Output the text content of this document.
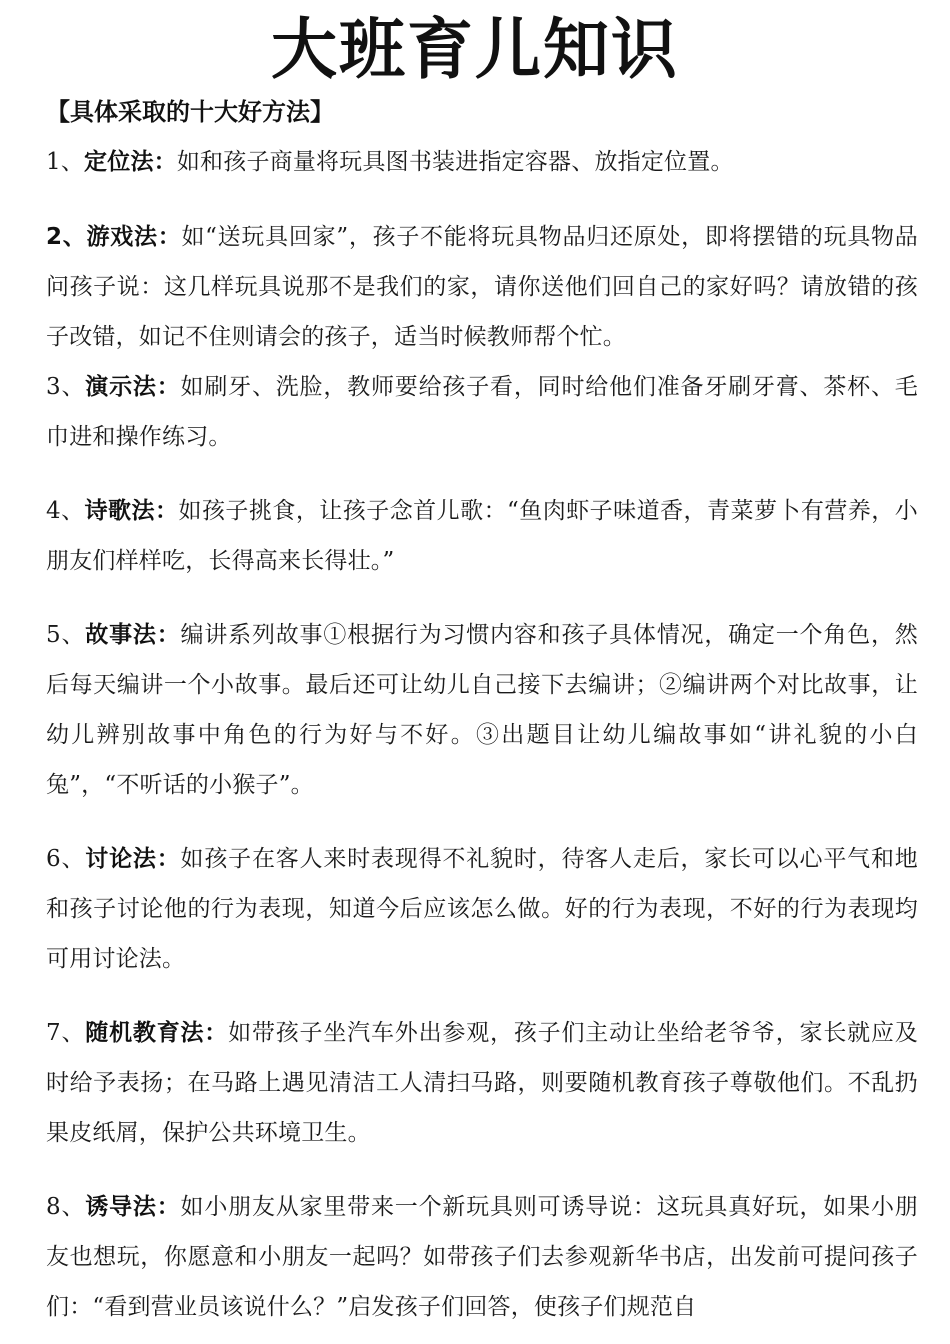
大班育儿知识

【具体采取的十大好方法】

1、定位法：如和孩子商量将玩具图书装进指定容器、放指定位置。

2、游戏法：如“送玩具回家”，孩子不能将玩具物品归还原处，即将摆错的玩具物品问孩子说：这几样玩具说那不是我们的家，请你送他们回自己的家好吗？请放错的孩子改错，如记不住则请会的孩子，适当时候教师帮个忙。

3、演示法：如刷牙、洗脸，教师要给孩子看，同时给他们准备牙刷牙膏、茶杯、毛巾进和操作练习。

4、诗歌法：如孩子挑食，让孩子念首儿歌：“鱼肉虾子味道香，青菜萝卜有营养，小朋友们样样吃，长得高来长得壮。”

5、故事法：编讲系列故事①根据行为习惯内容和孩子具体情况，确定一个角色，然后每天编讲一个小故事。最后还可让幼儿自己接下去编讲；②编讲两个对比故事，让幼儿辨别故事中角色的行为好与不好。③出题目让幼儿编故事如“讲礼貌的小白兔”，“不听话的小猴子”。

6、讨论法：如孩子在客人来时表现得不礼貌时，待客人走后，家长可以心平气和地和孩子讨论他的行为表现，知道今后应该怎么做。好的行为表现，不好的行为表现均可用讨论法。

7、随机教育法：如带孩子坐汽车外出参观，孩子们主动让坐给老爷爷，家长就应及时给予表扬；在马路上遇见清洁工人清扫马路，则要随机教育孩子尊敬他们。不乱扔果皮纸屑，保护公共环境卫生。

8、诱导法：如小朋友从家里带来一个新玩具则可诱导说：这玩具真好玩，如果小朋友也想玩，你愿意和小朋友一起吗？如带孩子们去参观新华书店，出发前可提问孩子们：“看到营业员该说什么？”启发孩子们回答，使孩子们规范自
